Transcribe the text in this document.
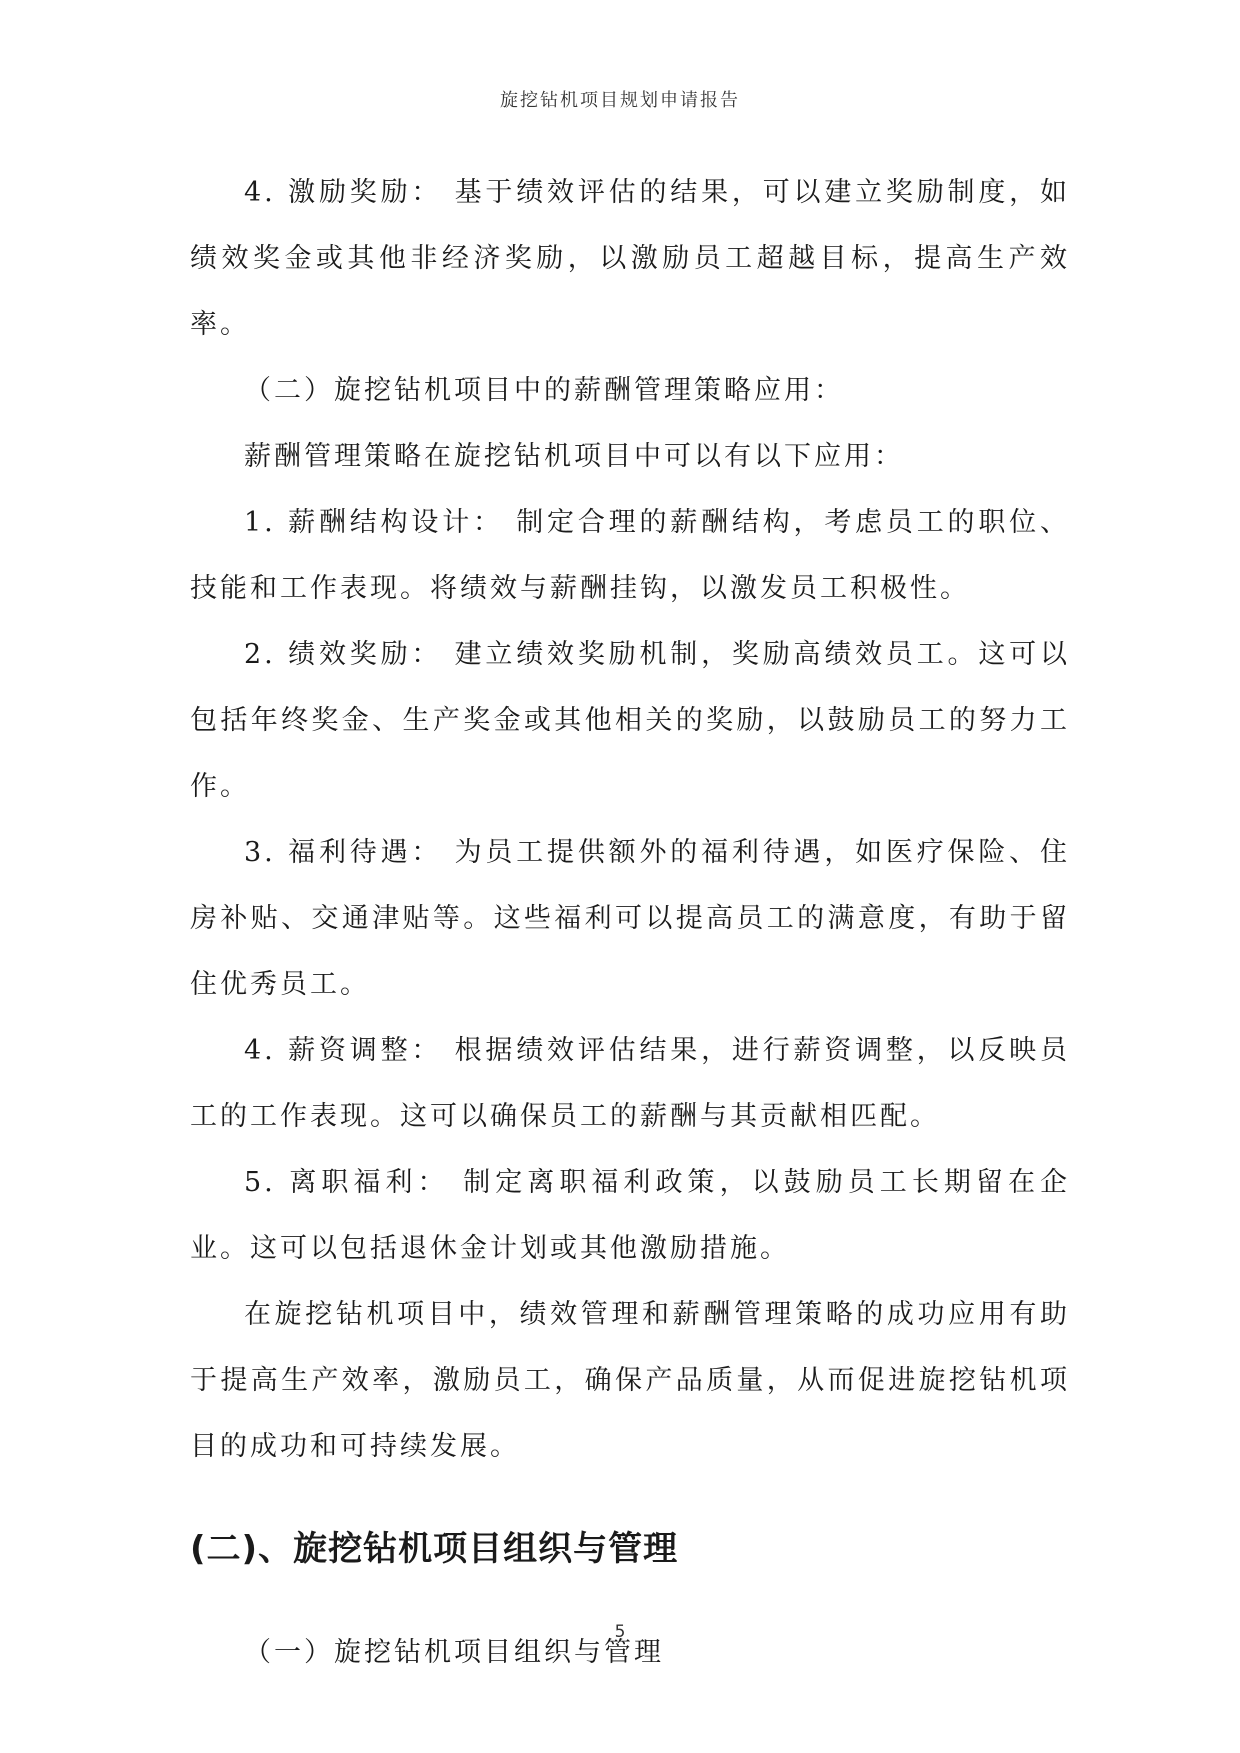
旋挖钻机项目规划申请报告

4. 激励奖励： 基于绩效评估的结果，可以建立奖励制度，如绩效奖金或其他非经济奖励，以激励员工超越目标，提高生产效率。

（二）旋挖钻机项目中的薪酬管理策略应用：

薪酬管理策略在旋挖钻机项目中可以有以下应用：

1. 薪酬结构设计： 制定合理的薪酬结构，考虑员工的职位、技能和工作表现。将绩效与薪酬挂钩，以激发员工积极性。

2. 绩效奖励： 建立绩效奖励机制，奖励高绩效员工。这可以包括年终奖金、生产奖金或其他相关的奖励，以鼓励员工的努力工作。

3. 福利待遇： 为员工提供额外的福利待遇，如医疗保险、住房补贴、交通津贴等。这些福利可以提高员工的满意度，有助于留住优秀员工。

4. 薪资调整： 根据绩效评估结果，进行薪资调整，以反映员工的工作表现。这可以确保员工的薪酬与其贡献相匹配。

5. 离职福利： 制定离职福利政策，以鼓励员工长期留在企业。这可以包括退休金计划或其他激励措施。

在旋挖钻机项目中，绩效管理和薪酬管理策略的成功应用有助于提高生产效率，激励员工，确保产品质量，从而促进旋挖钻机项目的成功和可持续发展。

(二)、旋挖钻机项目组织与管理

（一）旋挖钻机项目组织与管理

5
